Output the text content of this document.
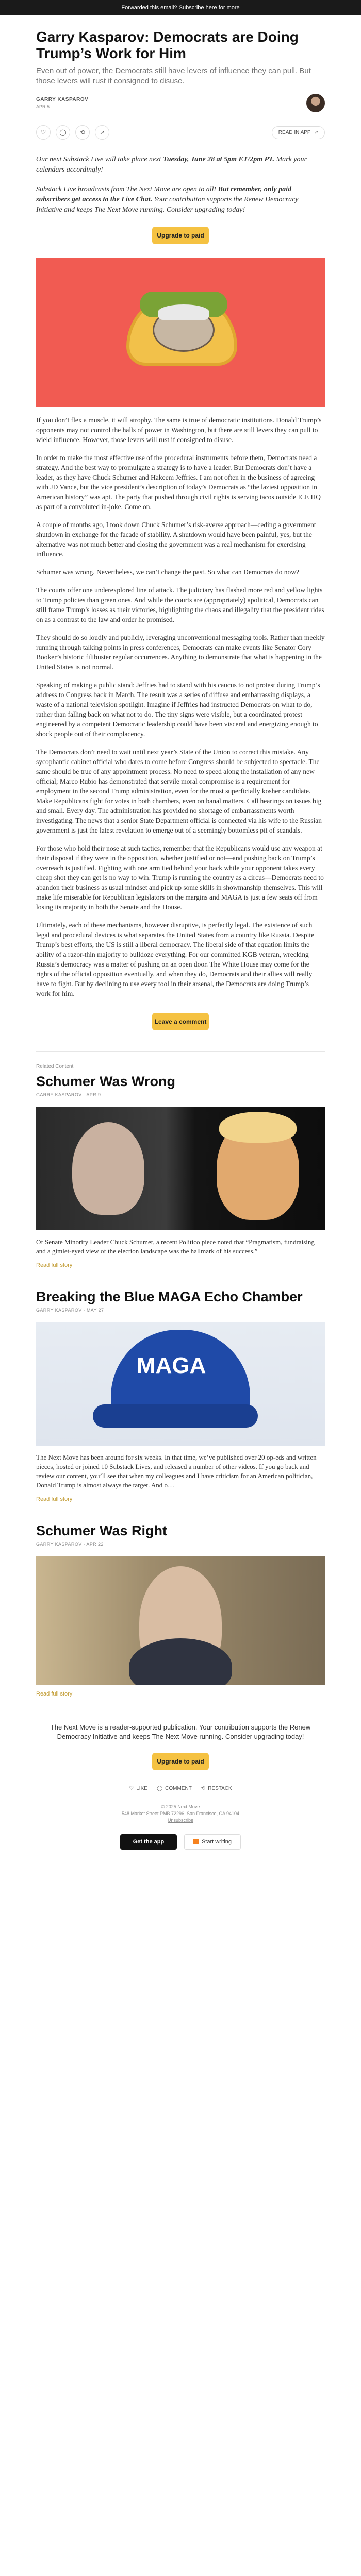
Forwarded this email? Subscribe here for more
Garry Kasparov: Democrats are Doing Trump’s Work for Him
Even out of power, the Democrats still have levers of influence they can pull. But those levers will rust if consigned to disuse.
GARRY KASPAROV
APR 5
♡ ◯ ⟲ ↗	READ IN APP ↗

Our next Substack Live will take place next Tuesday, June 28 at 5pm ET/2pm PT. Mark your calendars accordingly!

Substack Live broadcasts from The Next Move are open to all! But remember, only paid subscribers get access to the Live Chat. Your contribution supports the Renew Democracy Initiative and keeps The Next Move running. Consider upgrading today!

Upgrade to paid

If you don’t flex a muscle, it will atrophy. The same is true of democratic institutions. Donald Trump’s opponents may not control the halls of power in Washington, but there are still levers they can pull to wield influence. However, those levers will rust if consigned to disuse.

In order to make the most effective use of the procedural instruments before them, Democrats need a strategy. And the best way to promulgate a strategy is to have a leader. But Democrats don’t have a leader, as they have Chuck Schumer and Hakeem Jeffries. I am not often in the business of agreeing with JD Vance, but the vice president’s description of today’s Democrats as “the laziest opposition in American history” was apt. The party that pushed through civil rights is serving tacos outside ICE HQ as part of a convoluted in-joke. Come on.

A couple of months ago, I took down Chuck Schumer’s risk-averse approach—ceding a government shutdown in exchange for the facade of stability. A shutdown would have been painful, yes, but the alternative was not much better and closing the government was a real mechanism for exercising influence.

Schumer was wrong. Nevertheless, we can’t change the past. So what can Democrats do now?

The courts offer one underexplored line of attack. The judiciary has flashed more red and yellow lights to Trump policies than green ones. And while the courts are (appropriately) apolitical, Democrats can still frame Trump’s losses as their victories, highlighting the chaos and illegality that the president rides on as a contrast to the law and order he promised.

They should do so loudly and publicly, leveraging unconventional messaging tools. Rather than meekly running through talking points in press conferences, Democrats can make events like Senator Cory Booker’s historic filibuster regular occurrences. Anything to demonstrate that what is happening in the United States is not normal.

Speaking of making a public stand: Jeffries had to stand with his caucus to not protest during Trump’s address to Congress back in March. The result was a series of diffuse and embarrassing displays, a waste of a national television spotlight. Imagine if Jeffries had instructed Democrats on what to do, rather than falling back on what not to do. The tiny signs were visible, but a coordinated protest engineered by a competent Democratic leadership could have been visceral and energizing enough to shock people out of their complacency.

The Democrats don’t need to wait until next year’s State of the Union to correct this mistake. Any sycophantic cabinet official who dares to come before Congress should be subjected to spectacle. The same should be true of any appointment process. No need to speed along the installation of any new official; Marco Rubio has demonstrated that servile moral compromise is a requirement for employment in the second Trump administration, even for the most superficially kosher candidate. Make Republicans fight for votes in both chambers, even on banal matters. Call hearings on issues big and small. Every day. The administration has provided no shortage of embarrassments worth investigating. The news that a senior State Department official is connected via his wife to the Russian government is just the latest revelation to emerge out of a seemingly bottomless pit of scandals.

For those who hold their nose at such tactics, remember that the Republicans would use any weapon at their disposal if they were in the opposition, whether justified or not—and pushing back on Trump’s overreach is justified. Fighting with one arm tied behind your back while your opponent takes every cheap shot they can get is no way to win. Trump is running the country as a circus—Democrats need to abandon their business as usual mindset and pick up some skills in showmanship themselves. This will make life miserable for Republican legislators on the margins and MAGA is just a few seats off from losing its majority in both the Senate and the House.

Ultimately, each of these mechanisms, however disruptive, is perfectly legal. The existence of such legal and procedural devices is what separates the United States from a country like Russia. Despite Trump’s best efforts, the US is still a liberal democracy. The liberal side of that equation limits the ability of a razor-thin majority to bulldoze everything. For our committed KGB veteran, wrecking Russia’s democracy was a matter of pushing on an open door. The White House may come for the rights of the official opposition eventually, and when they do, Democrats and their allies will really have to fight. But by declining to use every tool in their arsenal, the Democrats are doing Trump’s work for him.

Leave a comment
Related Content
Schumer Was Wrong
GARRY KASPAROV · APR 9
Of Senate Minority Leader Chuck Schumer, a recent Politico piece noted that “Pragmatism, fundraising and a gimlet-eyed view of the election landscape was the hallmark of his success.”
Read full story
Breaking the Blue MAGA Echo Chamber
GARRY KASPAROV · MAY 27
MAGA
The Next Move has been around for six weeks. In that time, we’ve published over 20 op-eds and written pieces, hosted or joined 10 Substack Lives, and released a number of other videos. If you go back and review our content, you’ll see that when my colleagues and I have criticism for an American politician, Donald Trump is almost always the target. And o…
Read full story
Schumer Was Right
GARRY KASPAROV · APR 22
Read full story
The Next Move is a reader-supported publication. Your contribution supports the Renew Democracy Initiative and keeps The Next Move running. Consider upgrading today!
Upgrade to paid
♡ LIKE ◯ COMMENT ⟲ RESTACK
© 2025 Next Move
548 Market Street PMB 72296, San Francisco, CA 94104
Unsubscribe
Get the app	Start writing
